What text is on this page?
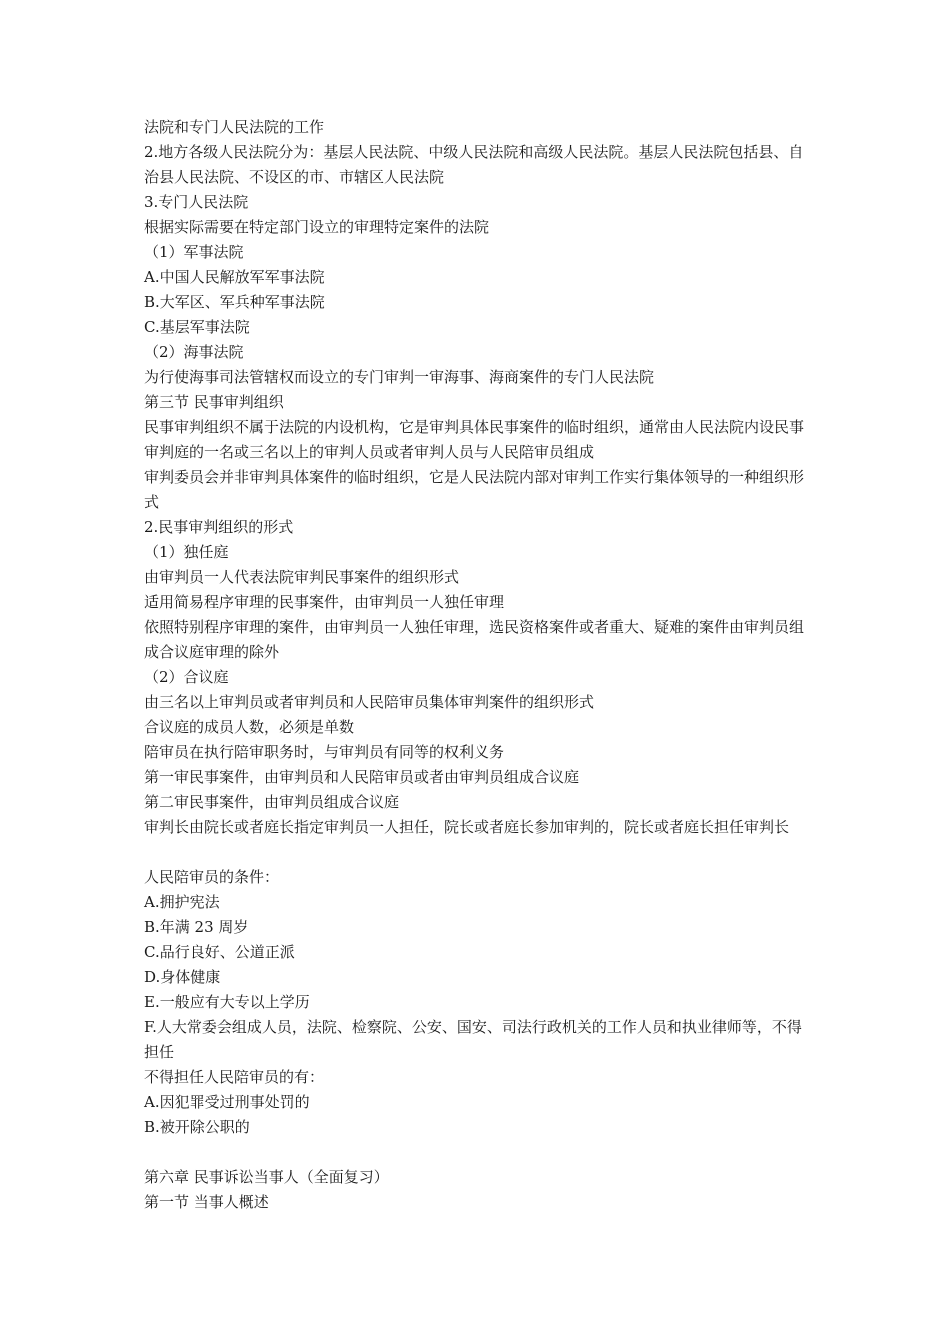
法院和专门人民法院的工作
2.地方各级人民法院分为：基层人民法院、中级人民法院和高级人民法院。基层人民法院包括县、自治县人民法院、不设区的市、市辖区人民法院
3.专门人民法院
根据实际需要在特定部门设立的审理特定案件的法院
（1）军事法院
A.中国人民解放军军事法院
B.大军区、军兵种军事法院
C.基层军事法院
（2）海事法院
为行使海事司法管辖权而设立的专门审判一审海事、海商案件的专门人民法院
第三节 民事审判组织
民事审判组织不属于法院的内设机构，它是审判具体民事案件的临时组织，通常由人民法院内设民事审判庭的一名或三名以上的审判人员或者审判人员与人民陪审员组成
审判委员会并非审判具体案件的临时组织，它是人民法院内部对审判工作实行集体领导的一种组织形式
2.民事审判组织的形式
（1）独任庭
由审判员一人代表法院审判民事案件的组织形式
适用简易程序审理的民事案件，由审判员一人独任审理
依照特别程序审理的案件，由审判员一人独任审理，选民资格案件或者重大、疑难的案件由审判员组成合议庭审理的除外
（2）合议庭
由三名以上审判员或者审判员和人民陪审员集体审判案件的组织形式
合议庭的成员人数，必须是单数
陪审员在执行陪审职务时，与审判员有同等的权利义务
第一审民事案件，由审判员和人民陪审员或者由审判员组成合议庭
第二审民事案件，由审判员组成合议庭
审判长由院长或者庭长指定审判员一人担任，院长或者庭长参加审判的，院长或者庭长担任审判长
人民陪审员的条件：
A.拥护宪法
B.年满 23 周岁
C.品行良好、公道正派
D.身体健康
E.一般应有大专以上学历
F.人大常委会组成人员，法院、检察院、公安、国安、司法行政机关的工作人员和执业律师等，不得担任
不得担任人民陪审员的有：
A.因犯罪受过刑事处罚的
B.被开除公职的
第六章 民事诉讼当事人（全面复习）
第一节 当事人概述
